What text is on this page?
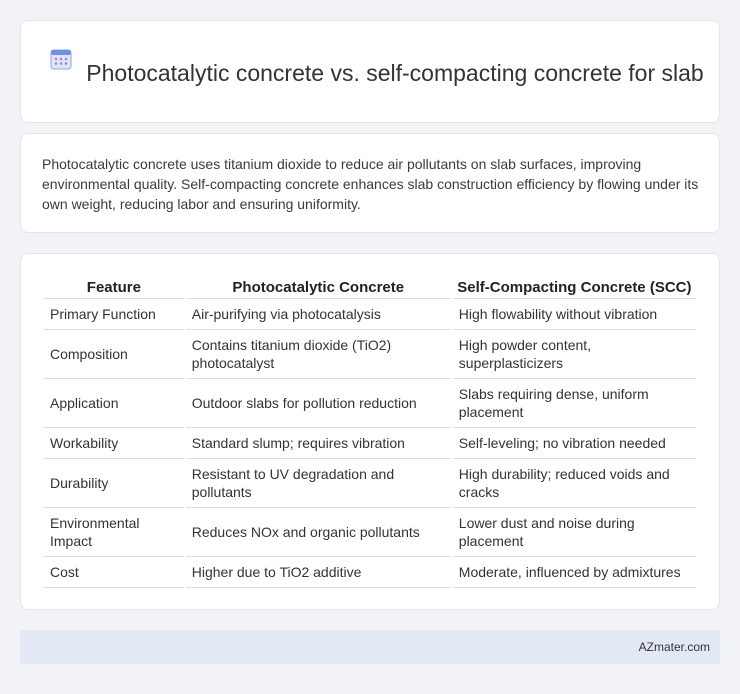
Photocatalytic concrete vs. self-compacting concrete for slab

Photocatalytic concrete uses titanium dioxide to reduce air pollutants on slab surfaces, improving environmental quality. Self-compacting concrete enhances slab construction efficiency by flowing under its own weight, reducing labor and ensuring uniformity.

Feature	Photocatalytic Concrete	Self-Compacting Concrete (SCC)
Primary Function	Air-purifying via photocatalysis	High flowability without vibration
Composition	Contains titanium dioxide (TiO2) photocatalyst	High powder content, superplasticizers
Application	Outdoor slabs for pollution reduction	Slabs requiring dense, uniform placement
Workability	Standard slump; requires vibration	Self-leveling; no vibration needed
Durability	Resistant to UV degradation and pollutants	High durability; reduced voids and cracks
Environmental Impact	Reduces NOx and organic pollutants	Lower dust and noise during placement
Cost	Higher due to TiO2 additive	Moderate, influenced by admixtures
AZmater.com
